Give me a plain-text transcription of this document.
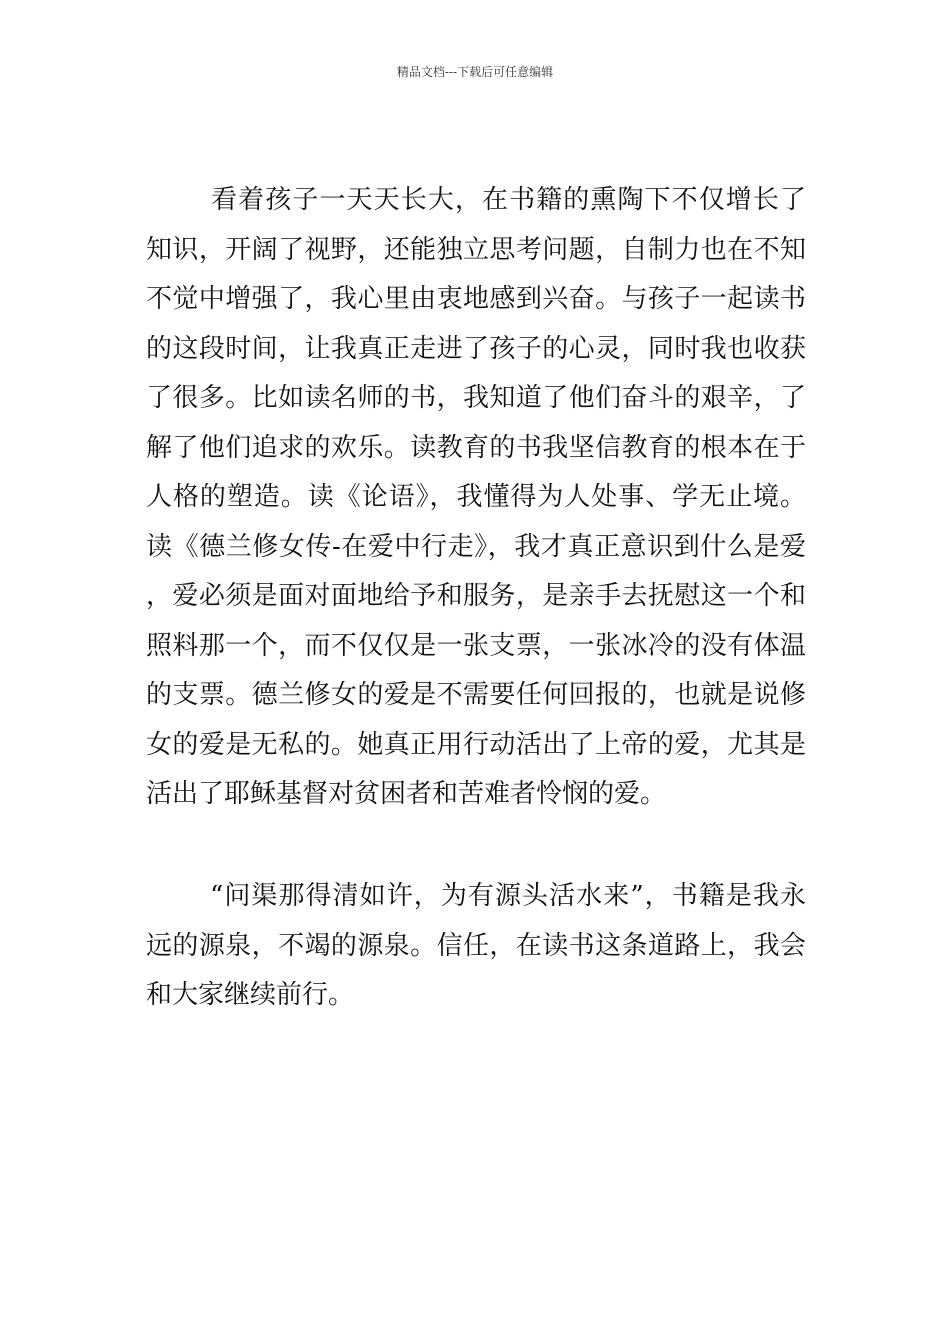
精品文档---下载后可任意编辑

看着孩子一天天长大，在书籍的熏陶下不仅增长了知识，开阔了视野，还能独立思考问题，自制力也在不知不觉中增强了，我心里由衷地感到兴奋。与孩子一起读书的这段时间，让我真正走进了孩子的心灵，同时我也收获了很多。比如读名师的书，我知道了他们奋斗的艰辛，了解了他们追求的欢乐。读教育的书我坚信教育的根本在于人格的塑造。读《论语》，我懂得为人处事、学无止境。读《德兰修女传-在爱中行走》，我才真正意识到什么是爱，爱必须是面对面地给予和服务，是亲手去抚慰这一个和照料那一个，而不仅仅是一张支票，一张冰冷的没有体温的支票。德兰修女的爱是不需要任何回报的，也就是说修女的爱是无私的。她真正用行动活出了上帝的爱，尤其是活出了耶稣基督对贫困者和苦难者怜悯的爱。

“问渠那得清如许，为有源头活水来”，书籍是我永远的源泉，不竭的源泉。信任，在读书这条道路上，我会和大家继续前行。
